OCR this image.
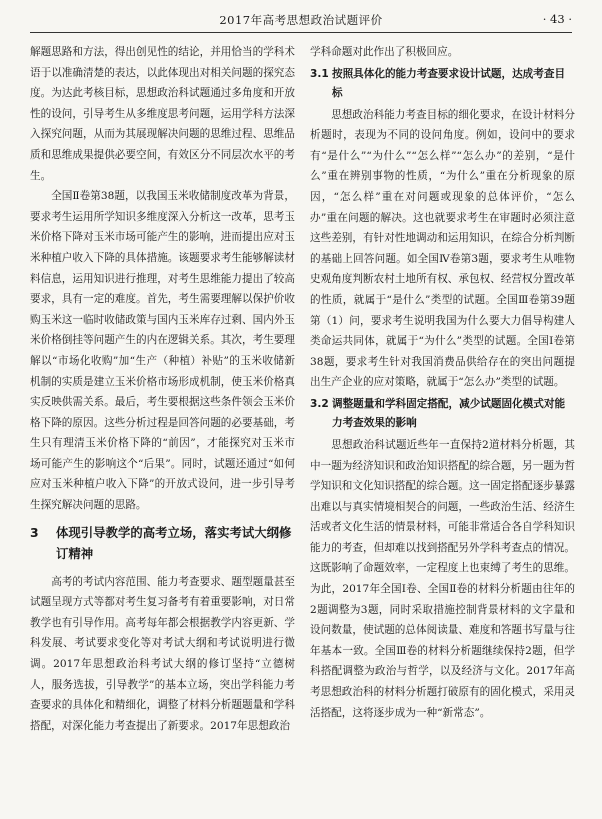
2017年高考思想政治试题评价	· 43 ·

解题思路和方法，得出创见性的结论，并用恰当的学科术语于以准确清楚的表达，以此体现出对相关问题的探究态度。为达此考核目标，思想政治科试题通过多角度和开放性的设问，引导考生从多维度思考问题，运用学科方法深入探究问题，从而为其展现解决问题的思维过程、思维品质和思维成果提供必要空间，有效区分不同层次水平的考生。

全国Ⅱ卷第38题，以我国玉米收储制度改革为背景，要求考生运用所学知识多维度深入分析这一改革，思考玉米价格下降对玉米市场可能产生的影响，进而提出应对玉米种植户收入下降的具体措施。该题要求考生能够解读材料信息，运用知识进行推理，对考生思维能力提出了较高要求，具有一定的难度。首先，考生需要理解以保护价收购玉米这一临时收储政策与国内玉米库存过剩、国内外玉米价格倒挂等问题产生的内在逻辑关系。其次，考生要理解以“市场化收购”加“生产（种植）补贴”的玉米收储新机制的实质是建立玉米价格市场形成机制，使玉米价格真实反映供需关系。最后，考生要根据这些条件领会玉米价格下降的原因。这些分析过程是回答问题的必要基础，考生只有理清玉米价格下降的“前因”，才能探究对玉米市场可能产生的影响这个“后果”。同时，试题还通过“如何应对玉米种植户收入下降”的开放式设问，进一步引导考生探究解决问题的思路。

3 体现引导教学的高考立场，落实考试大纲修订精神

高考的考试内容范围、能力考查要求、题型题量甚至试题呈现方式等都对考生复习备考有着重要影响，对日常教学也有引导作用。高考每年都会根据教学内容更新、学科发展、考试要求变化等对考试大纲和考试说明进行微调。2017年思想政治科考试大纲的修订坚持“立德树人，服务选拔，引导教学”的基本立场，突出学科能力考查要求的具体化和精细化，调整了材料分析题题量和学科搭配，对深化能力考查提出了新要求。2017年思想政治

学科命题对此作出了积极回应。

3.1 按照具体化的能力考查要求设计试题，达成考查目标

思想政治科能力考查目标的细化要求，在设计材料分析题时，表现为不同的设问角度。例如，设问中的要求有“是什么”“为什么”“怎么样”“怎么办”的差别，“是什么”重在辨别事物的性质，“为什么”重在分析现象的原因，“怎么样”重在对问题或现象的总体评价，“怎么办”重在问题的解决。这也就要求考生在审题时必须注意这些差别，有针对性地调动和运用知识，在综合分析判断的基础上回答问题。如全国Ⅳ卷第3题，要求考生从唯物史观角度判断农村土地所有权、承包权、经营权分置改革的性质，就属于“是什么”类型的试题。全国Ⅲ卷第39题第（1）问，要求考生说明我国为什么要大力倡导构建人类命运共同体，就属于“为什么”类型的试题。全国Ⅰ卷第38题，要求考生针对我国消费品供给存在的突出问题提出生产企业的应对策略，就属于“怎么办”类型的试题。

3.2 调整题量和学科固定搭配，减少试题固化模式对能力考查效果的影响

思想政治科试题近些年一直保持2道材料分析题，其中一题为经济知识和政治知识搭配的综合题，另一题为哲学知识和文化知识搭配的综合题。这一固定搭配逐步暴露出难以与真实情境相契合的问题，一些政治生活、经济生活或者文化生活的情景材料，可能非常适合各自学科知识能力的考查，但却难以找到搭配另外学科考查点的情况。这既影响了命题效率，一定程度上也束缚了考生的思维。为此，2017年全国Ⅰ卷、全国Ⅱ卷的材料分析题由往年的2题调整为3题，同时采取措施控制背景材料的文字量和设问数量，使试题的总体阅读量、难度和答题书写量与往年基本一致。全国Ⅲ卷的材料分析题继续保持2题，但学科搭配调整为政治与哲学，以及经济与文化。2017年高考思想政治科的材料分析题打破原有的固化模式，采用灵活搭配，这将逐步成为一种“新常态”。
